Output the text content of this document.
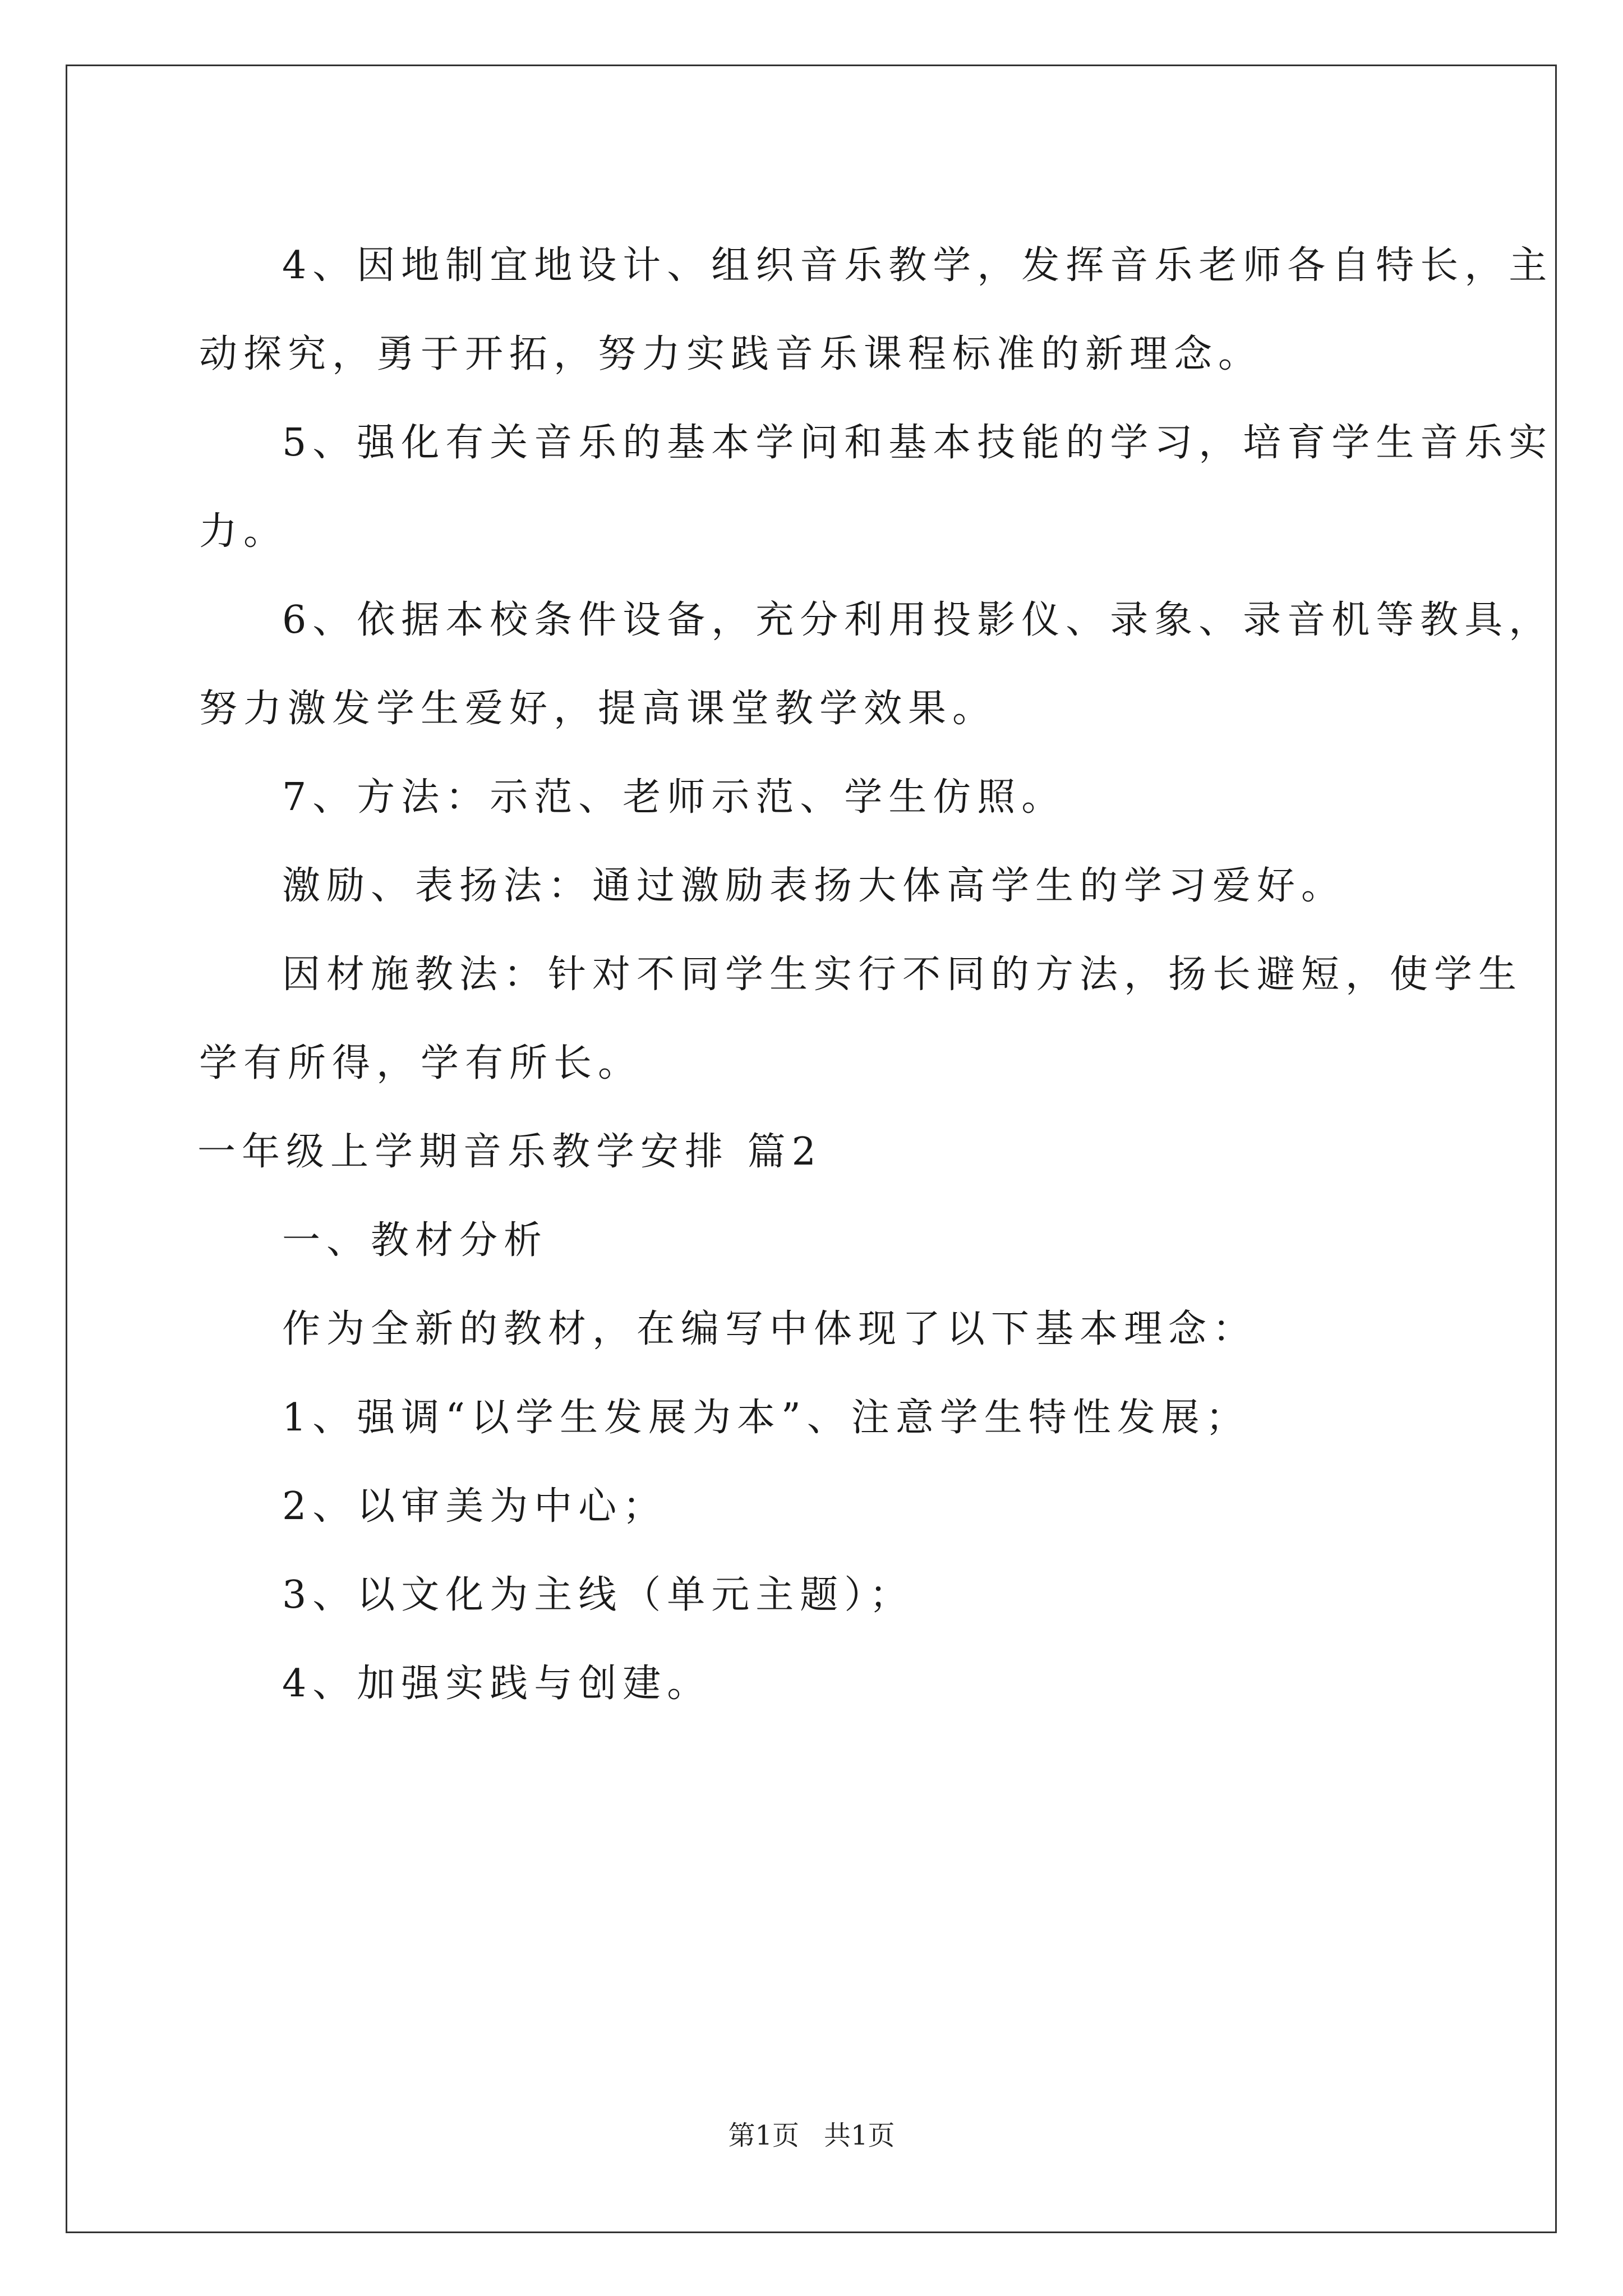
4、因地制宜地设计、组织音乐教学，发挥音乐老师各自特长，主

动探究，勇于开拓，努力实践音乐课程标准的新理念。

5、强化有关音乐的基本学问和基本技能的学习，培育学生音乐实

力。

6、依据本校条件设备，充分利用投影仪、录象、录音机等教具，

努力激发学生爱好，提高课堂教学效果。

7、方法：示范、老师示范、学生仿照。

激励、表扬法：通过激励表扬大体高学生的学习爱好。

因材施教法：针对不同学生实行不同的方法，扬长避短，使学生

学有所得，学有所长。

一年级上学期音乐教学安排 篇2

一、教材分析

作为全新的教材，在编写中体现了以下基本理念：

1、强调“以学生发展为本”、注意学生特性发展；

2、以审美为中心；

3、以文化为主线（单元主题）；

4、加强实践与创建。

第1页 共1页
